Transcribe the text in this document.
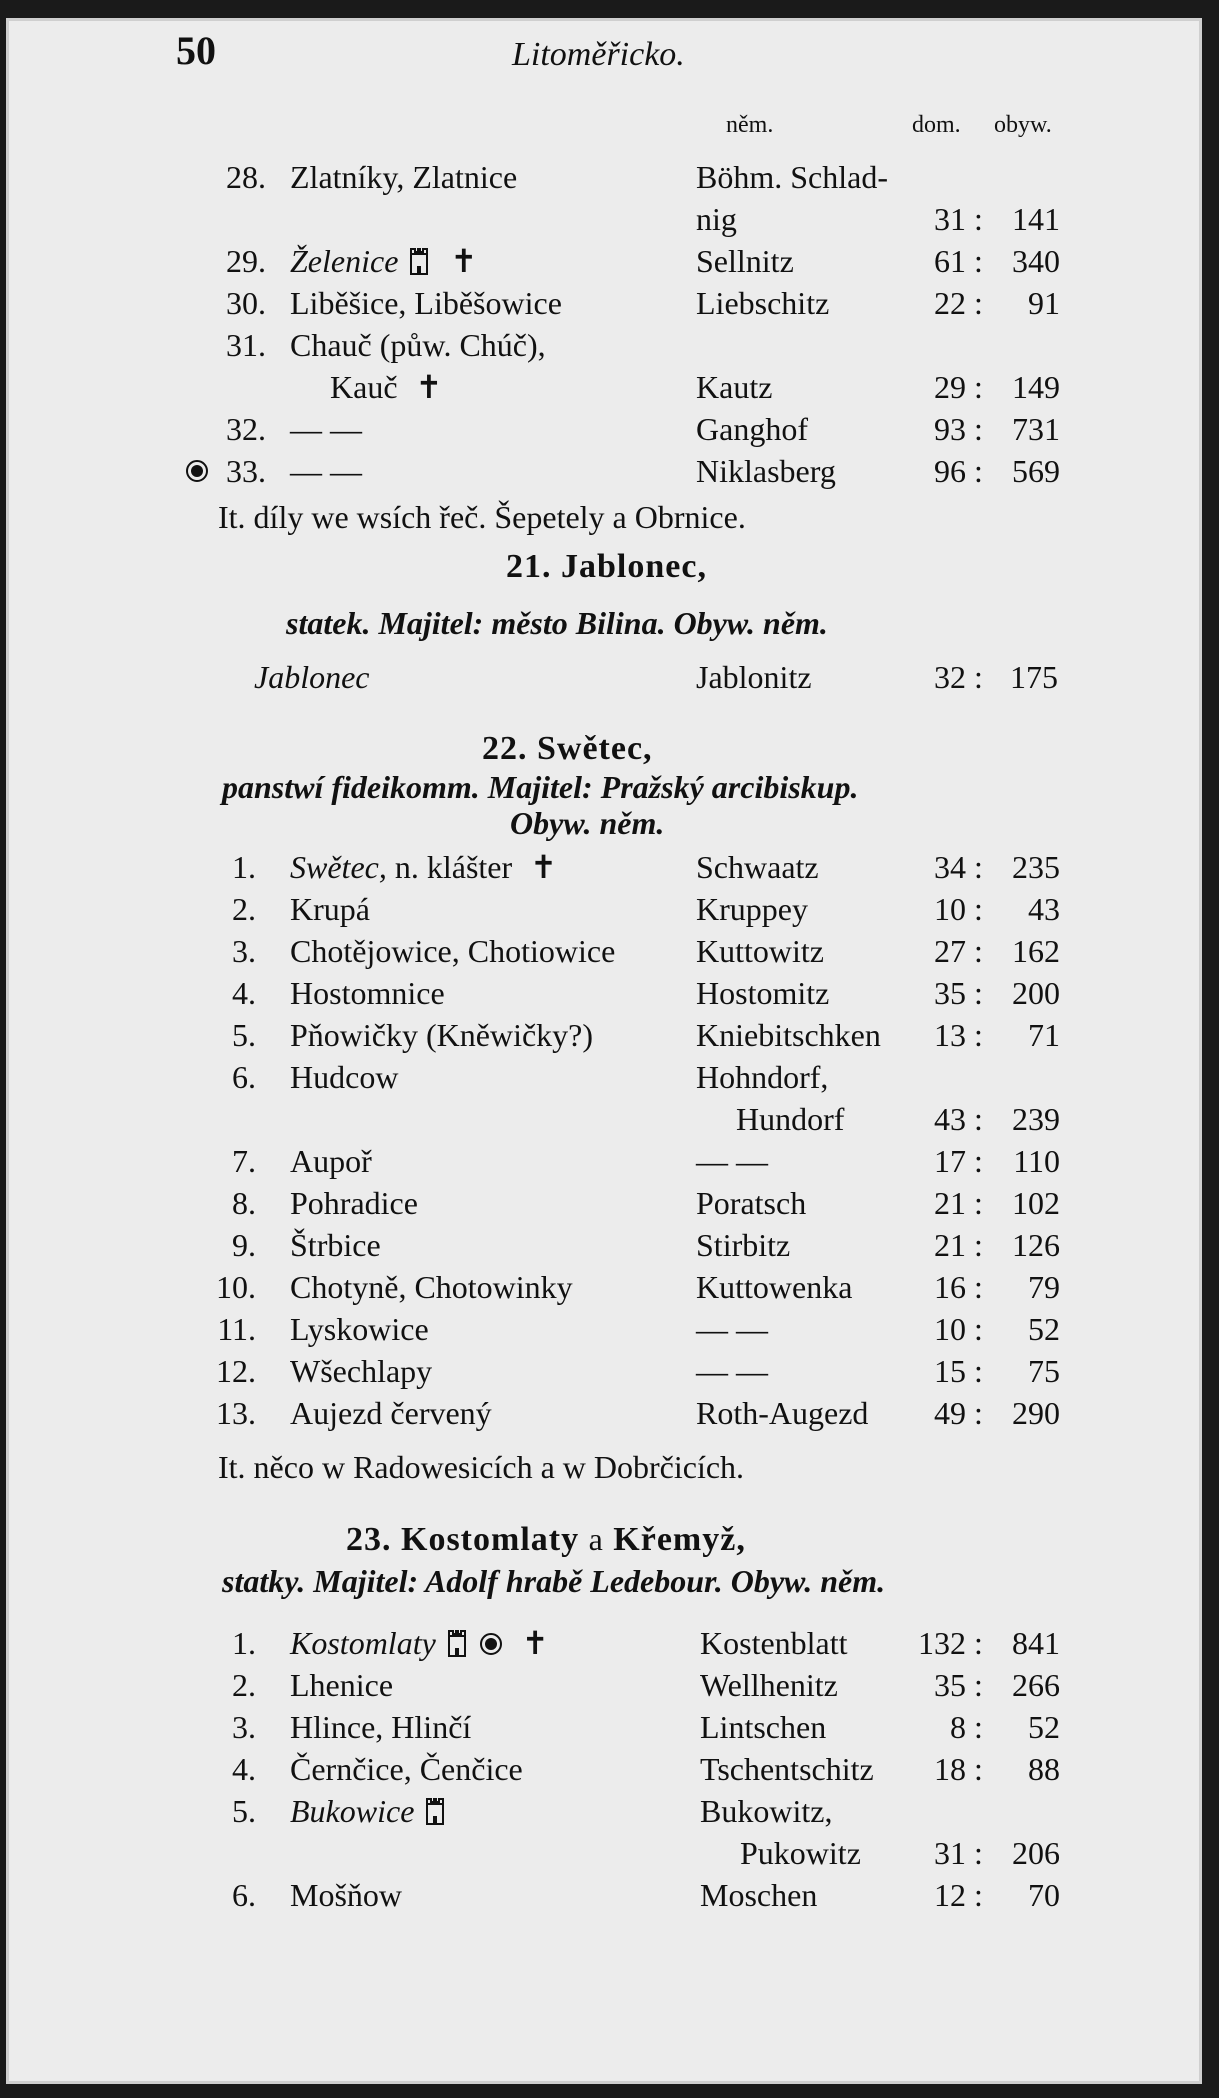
50	Litoměřicko.
něm.	dom. obyw.
28. Zlatníky, Zlatnice	Böhm. Schlad-
nig	31 : 141
29. Želenice  ✝	Sellnitz	61 : 340
30. Liběšice, Liběšowice	Liebschitz	22 :	91
31. Chauč (půw. Chúč),
Kauč ✝	Kautz	29 : 149
32. — —	Ganghof	93 : 731
33. — —	Niklasberg	96 : 569
It. díly we wsích řeč. Šepetely a Obrnice.
21. Jablonec,
statek. Majitel: město Bilina. Obyw. něm.
Jablonec	Jablonitz	32 : 175
22. Swětec,
panstwí fideikomm. Majitel: Pražský arcibiskup.
Obyw. něm.
1. Swětec, n. klášter ✝	Schwaatz	34 : 235
2. Krupá	Kruppey	10 :	43
3. Chotějowice, Chotiowice	Kuttowitz	27 : 162
4. Hostomnice	Hostomitz	35 : 200
5. Pňowičky (Kněwičky?)	Kniebitschken	13 :	71
6. Hudcow	Hohndorf,
Hundorf	43 : 239
7. Aupoř	— —	17 : 110
8. Pohradice	Poratsch	21 : 102
9. Štrbice	Stirbitz	21 : 126
10. Chotyně, Chotowinky	Kuttowenka	16 :	79
11. Lyskowice	— —	10 :	52
12. Wšechlapy	— —	15 :	75
13. Aujezd červený	Roth-Augezd	49 : 290
It. něco w Radowesicích a w Dobrčicích.
23. Kostomlaty a Křemyž,
statky. Majitel: Adolf hrabě Ledebour. Obyw. něm.
1. Kostomlaty   ✝	Kostenblatt	132 : 841
2. Lhenice	Wellhenitz	35 : 266
3. Hlince, Hlinčí	Lintschen	8 :	52
4. Černčice, Čenčice	Tschentschitz	18 :	88
5. Bukowice	Bukowitz,
Pukowitz	31 : 206
6. Mošňow	Moschen	12 :	70
